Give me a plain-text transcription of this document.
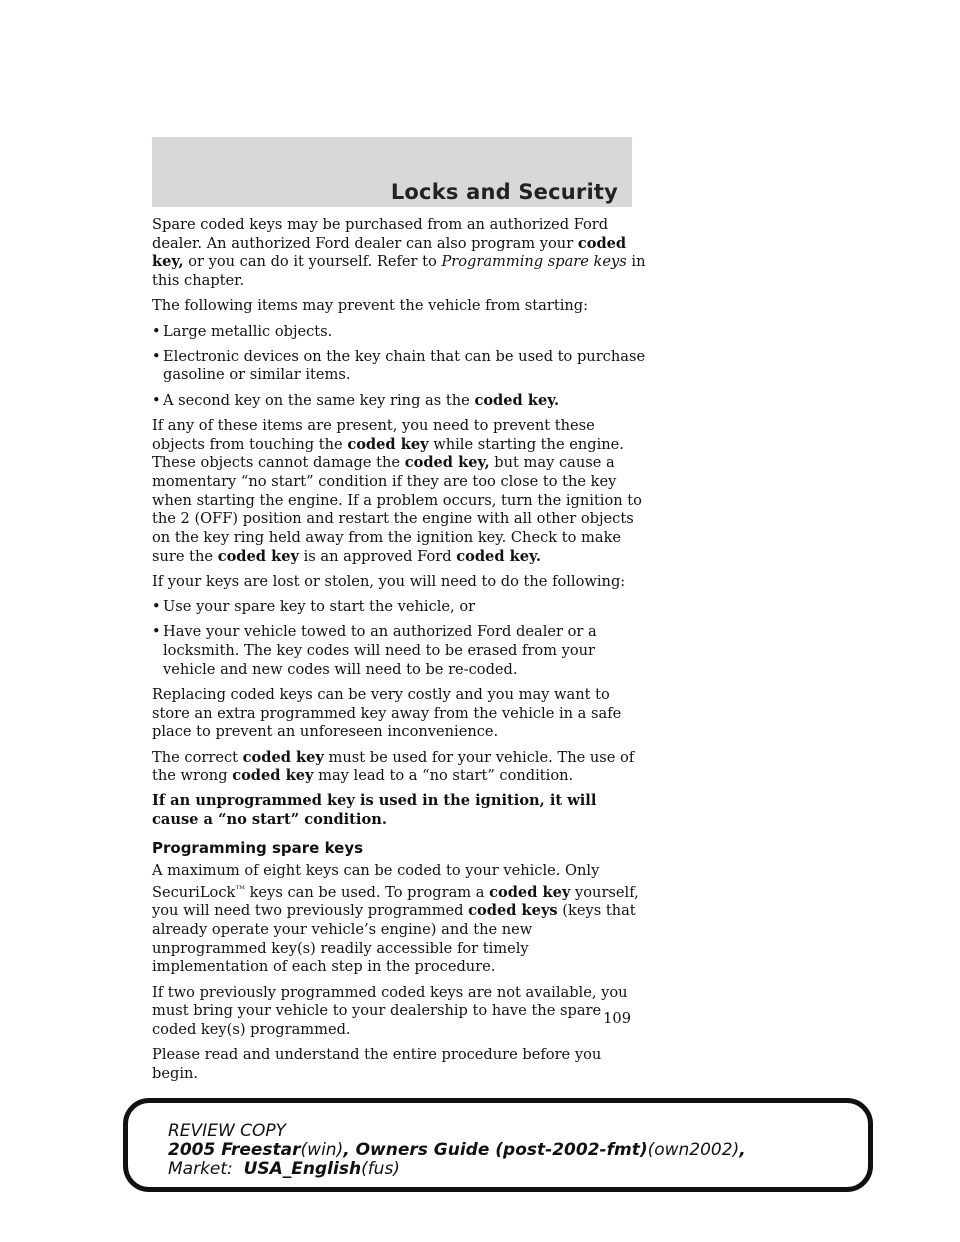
Locks and Security

Spare coded keys may be purchased from an authorized Ford dealer. An authorized Ford dealer can also program your coded key, or you can do it yourself. Refer to Programming spare keys in this chapter.

The following items may prevent the vehicle from starting:

• Large metallic objects.
• Electronic devices on the key chain that can be used to purchase gasoline or similar items.
• A second key on the same key ring as the coded key.

If any of these items are present, you need to prevent these objects from touching the coded key while starting the engine. These objects cannot damage the coded key, but may cause a momentary “no start” condition if they are too close to the key when starting the engine. If a problem occurs, turn the ignition to the 2 (OFF) position and restart the engine with all other objects on the key ring held away from the ignition key. Check to make sure the coded key is an approved Ford coded key.

If your keys are lost or stolen, you will need to do the following:

• Use your spare key to start the vehicle, or
• Have your vehicle towed to an authorized Ford dealer or a locksmith. The key codes will need to be erased from your vehicle and new codes will need to be re-coded.

Replacing coded keys can be very costly and you may want to store an extra programmed key away from the vehicle in a safe place to prevent an unforeseen inconvenience.

The correct coded key must be used for your vehicle. The use of the wrong coded key may lead to a “no start” condition.

If an unprogrammed key is used in the ignition, it will cause a “no start” condition.

Programming spare keys

A maximum of eight keys can be coded to your vehicle. Only SecuriLock$^{ᵀᴹ}$ keys can be used. To program a coded key yourself, you will need two previously programmed coded keys (keys that already operate your vehicle’s engine) and the new unprogrammed key(s) readily accessible for timely implementation of each step in the procedure.

If two previously programmed coded keys are not available, you must bring your vehicle to your dealership to have the spare coded key(s) programmed.

Please read and understand the entire procedure before you begin.

109
REVIEW COPY
2005 Freestar(win), Owners Guide (post-2002-fmt)(own2002),
Market:  USA_English(fus)
